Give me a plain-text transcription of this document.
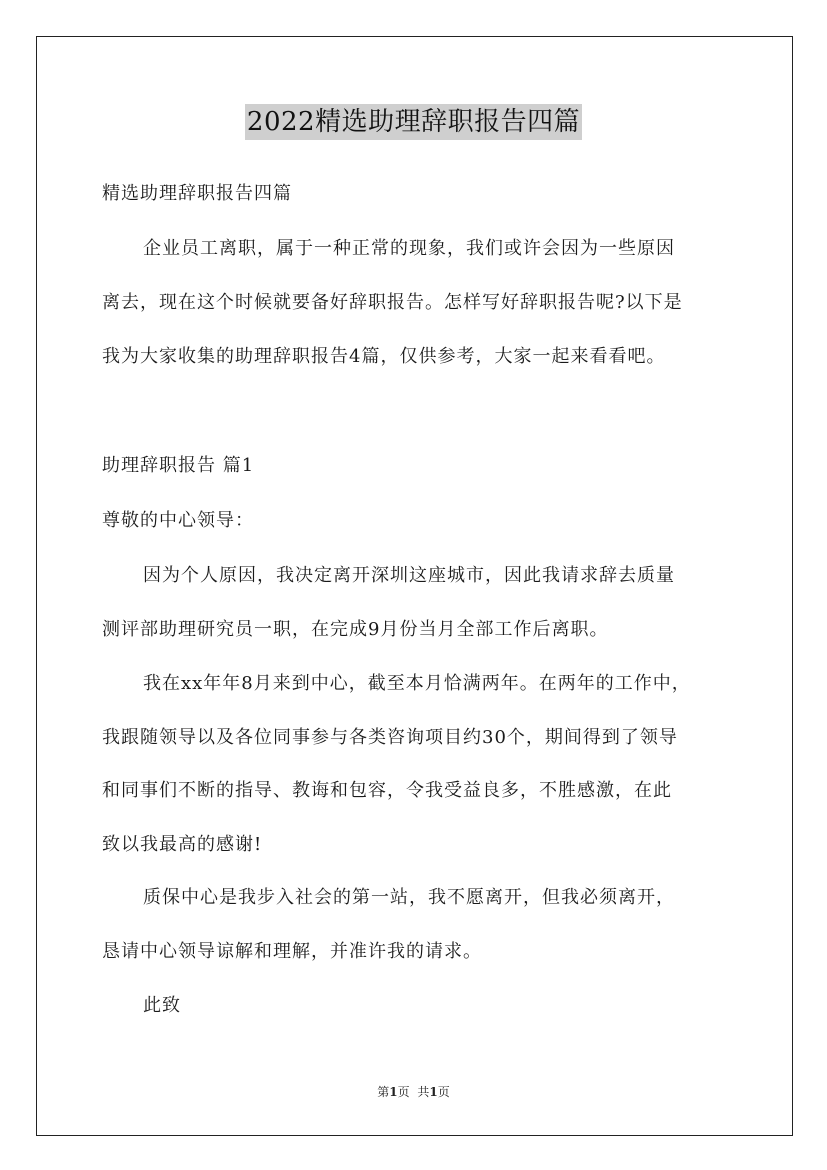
2022精选助理辞职报告四篇
精选助理辞职报告四篇
企业员工离职，属于一种正常的现象，我们或许会因为一些原因
离去，现在这个时候就要备好辞职报告。怎样写好辞职报告呢?以下是
我为大家收集的助理辞职报告4篇，仅供参考，大家一起来看看吧。
助理辞职报告 篇1
尊敬的中心领导：
因为个人原因，我决定离开深圳这座城市，因此我请求辞去质量
测评部助理研究员一职，在完成9月份当月全部工作后离职。
我在xx年年8月来到中心，截至本月恰满两年。在两年的工作中，
我跟随领导以及各位同事参与各类咨询项目约30个，期间得到了领导
和同事们不断的指导、教诲和包容，令我受益良多，不胜感激，在此
致以我最高的感谢!
质保中心是我步入社会的第一站，我不愿离开，但我必须离开，
恳请中心领导谅解和理解，并准许我的请求。
此致
第1页 共1页
